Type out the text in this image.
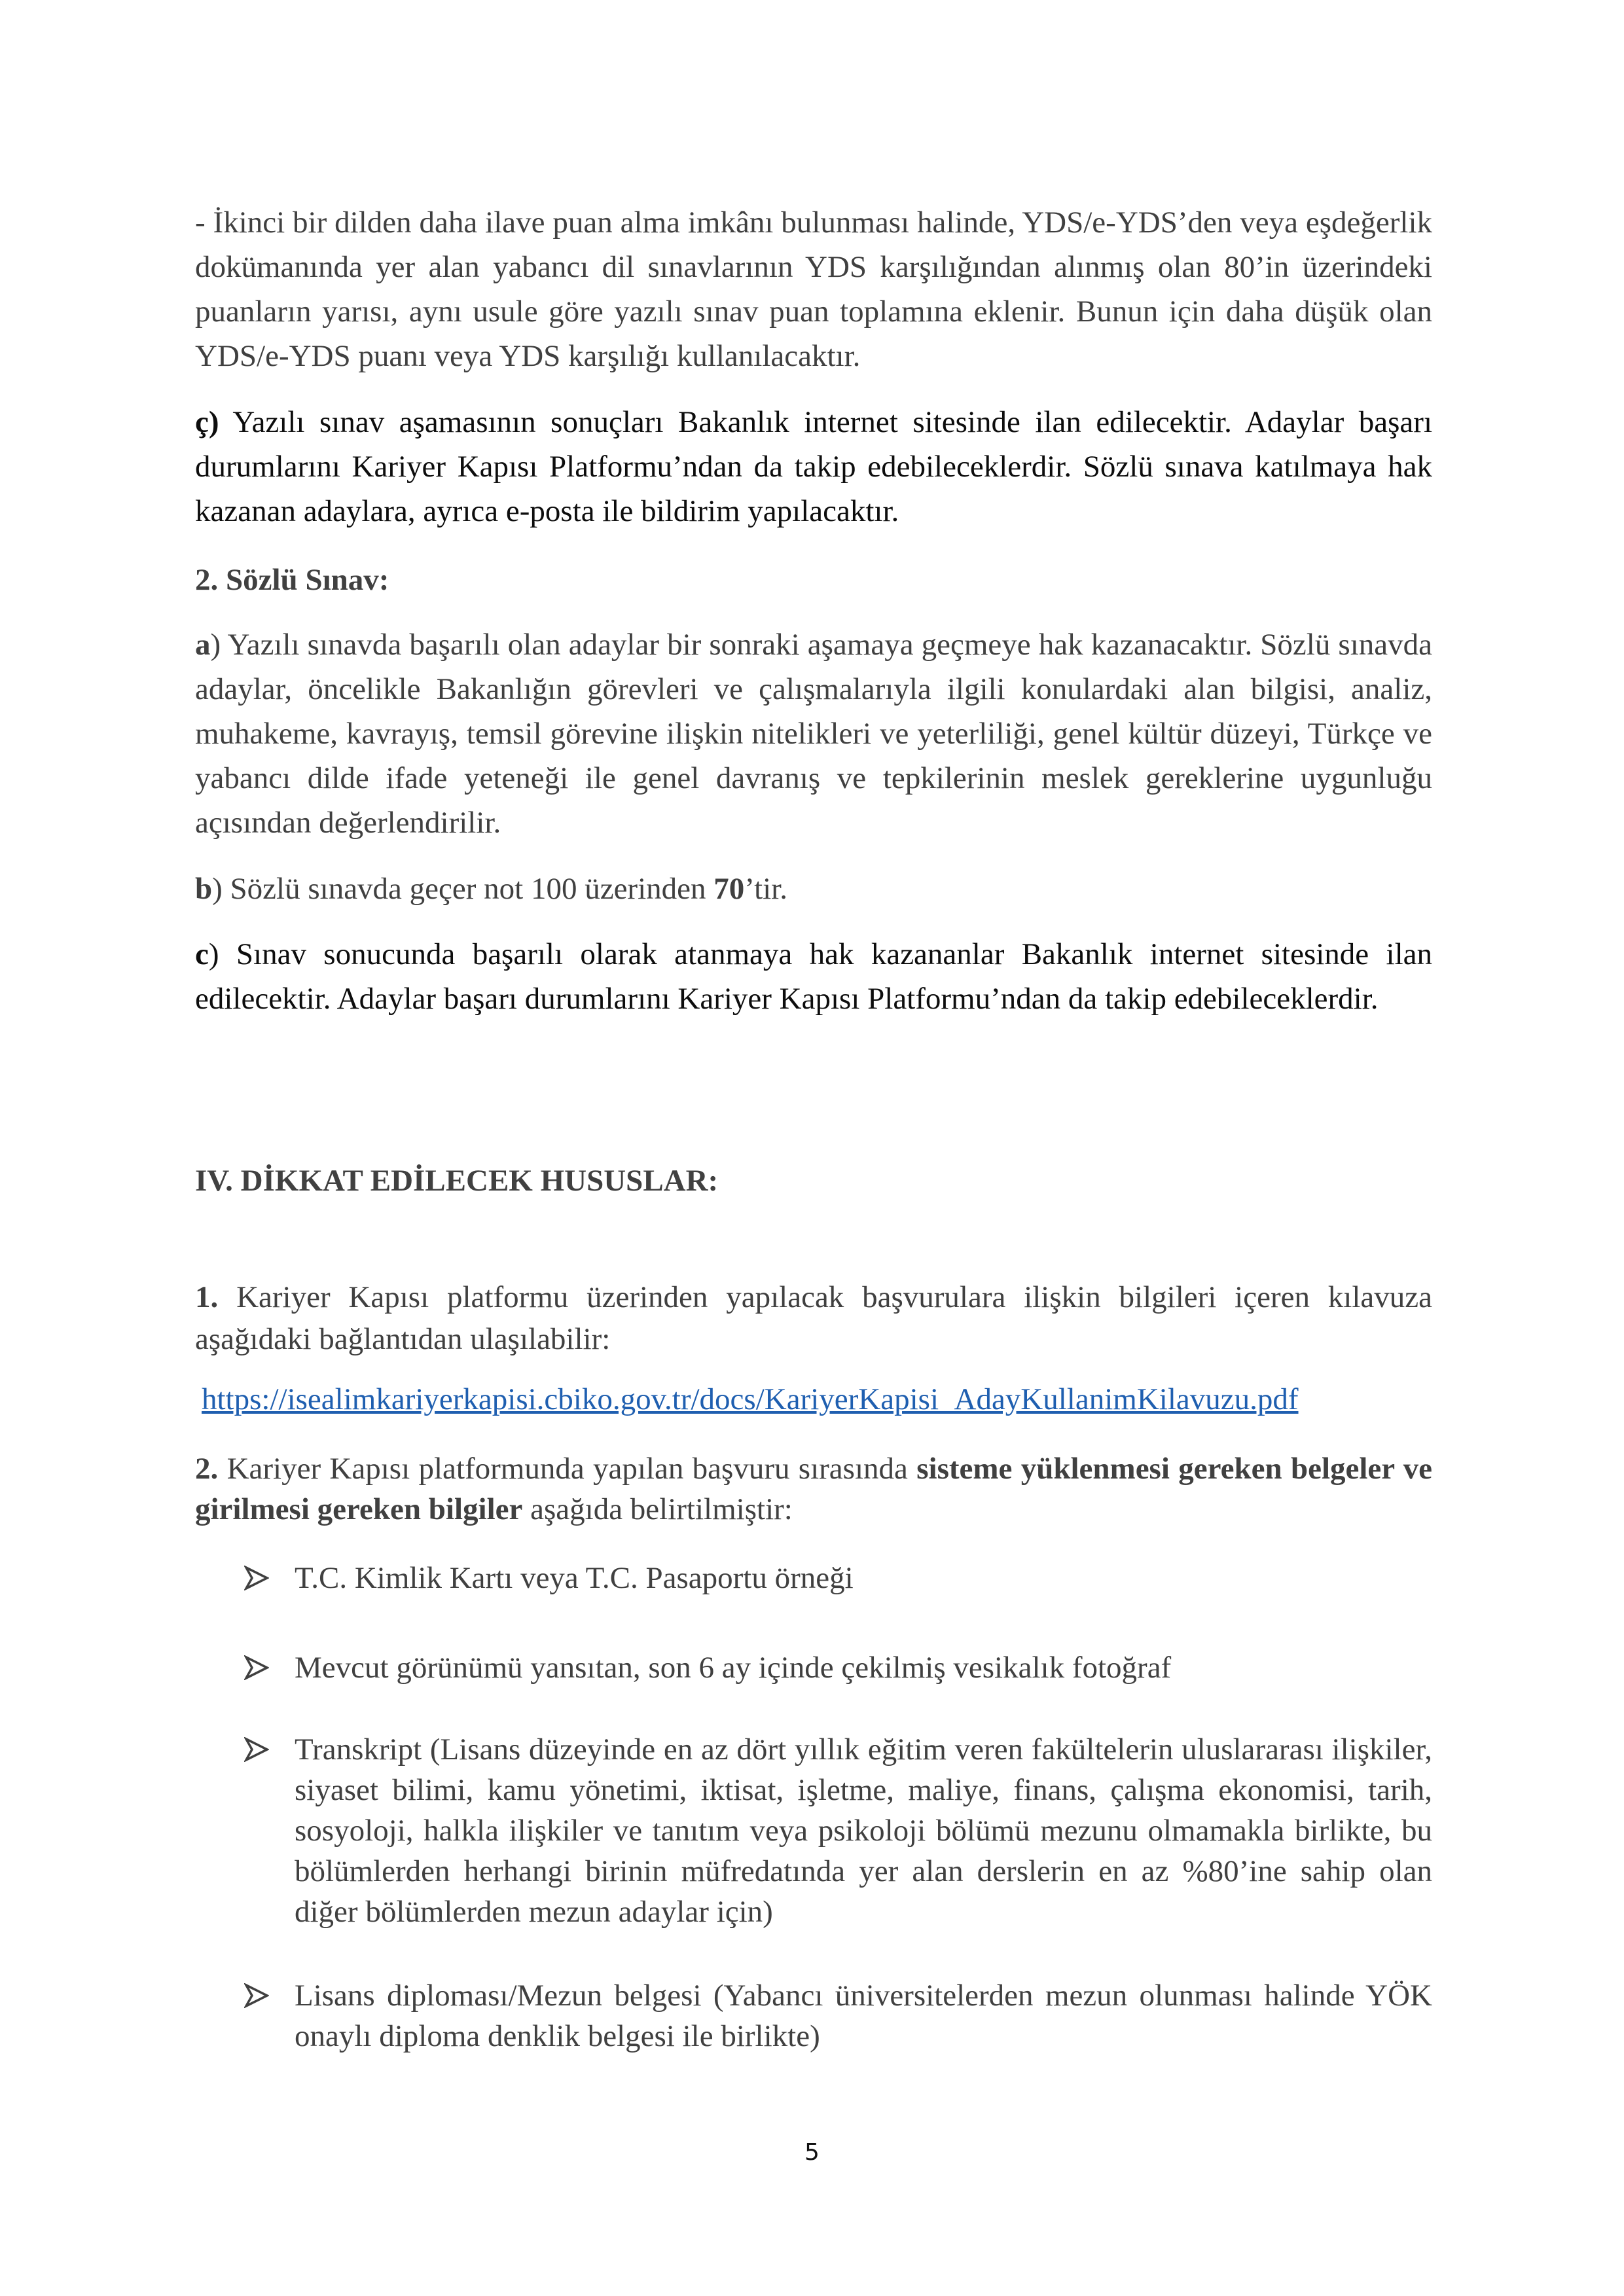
- İkinci bir dilden daha ilave puan alma imkânı bulunması halinde, YDS/e-YDS’den veya eşdeğerlik dokümanında yer alan yabancı dil sınavlarının YDS karşılığından alınmış olan 80’in üzerindeki puanların yarısı, aynı usule göre yazılı sınav puan toplamına eklenir. Bunun için daha düşük olan YDS/e-YDS puanı veya YDS karşılığı kullanılacaktır.

ç) Yazılı sınav aşamasının sonuçları Bakanlık internet sitesinde ilan edilecektir. Adaylar başarı durumlarını Kariyer Kapısı Platformu’ndan da takip edebileceklerdir. Sözlü sınava katılmaya hak kazanan adaylara, ayrıca e-posta ile bildirim yapılacaktır.

2. Sözlü Sınav:

a) Yazılı sınavda başarılı olan adaylar bir sonraki aşamaya geçmeye hak kazanacaktır. Sözlü sınavda adaylar, öncelikle Bakanlığın görevleri ve çalışmalarıyla ilgili konulardaki alan bilgisi, analiz, muhakeme, kavrayış, temsil görevine ilişkin nitelikleri ve yeterliliği, genel kültür düzeyi, Türkçe ve yabancı dilde ifade yeteneği ile genel davranış ve tepkilerinin meslek gereklerine uygunluğu açısından değerlendirilir.

b) Sözlü sınavda geçer not 100 üzerinden 70’tir.

c) Sınav sonucunda başarılı olarak atanmaya hak kazananlar Bakanlık internet sitesinde ilan edilecektir. Adaylar başarı durumlarını Kariyer Kapısı Platformu’ndan da takip edebileceklerdir.

IV. DİKKAT EDİLECEK HUSUSLAR:

1. Kariyer Kapısı platformu üzerinden yapılacak başvurulara ilişkin bilgileri içeren kılavuza aşağıdaki bağlantıdan ulaşılabilir:

https://isealimkariyerkapisi.cbiko.gov.tr/docs/KariyerKapisi_AdayKullanimKilavuzu.pdf

2. Kariyer Kapısı platformunda yapılan başvuru sırasında sisteme yüklenmesi gereken belgeler ve girilmesi gereken bilgiler aşağıda belirtilmiştir:

T.C. Kimlik Kartı veya T.C. Pasaportu örneği
Mevcut görünümü yansıtan, son 6 ay içinde çekilmiş vesikalık fotoğraf
Transkript (Lisans düzeyinde en az dört yıllık eğitim veren fakültelerin uluslararası ilişkiler, siyaset bilimi, kamu yönetimi, iktisat, işletme, maliye, finans, çalışma ekonomisi, tarih, sosyoloji, halkla ilişkiler ve tanıtım veya psikoloji bölümü mezunu olmamakla birlikte, bu bölümlerden herhangi birinin müfredatında yer alan derslerin en az %80’ine sahip olan diğer bölümlerden mezun adaylar için)
Lisans diploması/Mezun belgesi (Yabancı üniversitelerden mezun olunması halinde YÖK onaylı diploma denklik belgesi ile birlikte)
5
